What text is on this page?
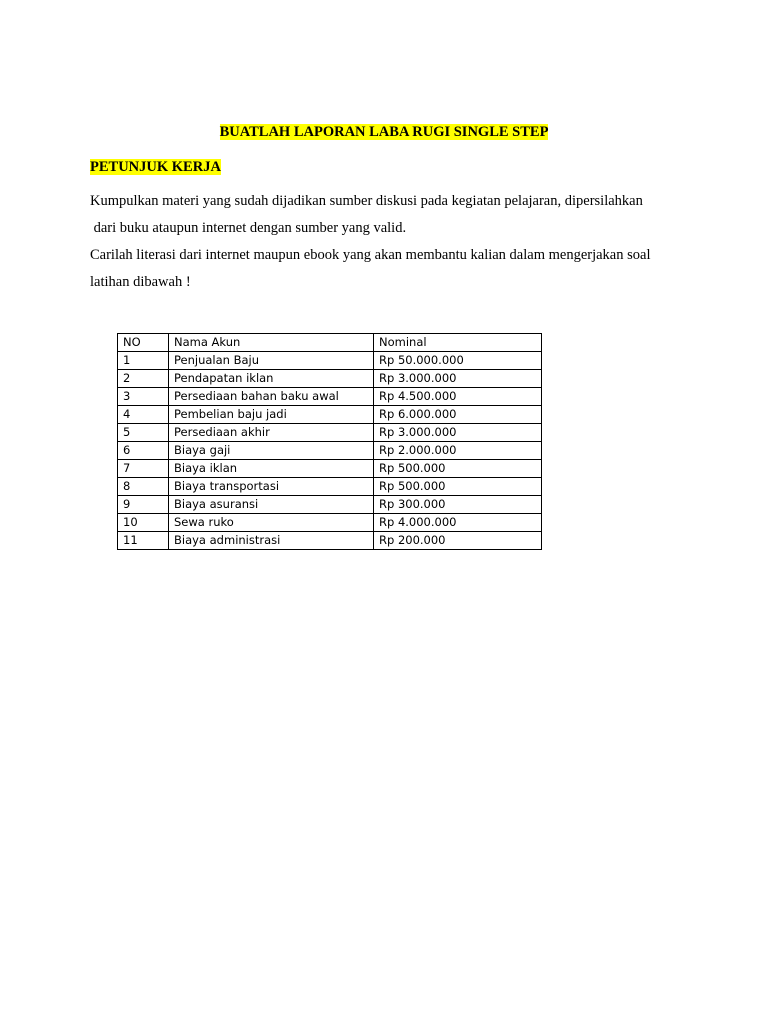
BUATLAH LAPORAN LABA RUGI SINGLE STEP
PETUNJUK KERJA
Kumpulkan materi yang sudah dijadikan sumber diskusi pada kegiatan pelajaran, dipersilahkan
dari buku ataupun internet dengan sumber yang valid.
Carilah literasi dari internet maupun ebook yang akan membantu kalian dalam mengerjakan soal
latihan dibawah !
NO	Nama Akun	Nominal
1	Penjualan Baju	Rp 50.000.000
2	Pendapatan iklan	Rp 3.000.000
3	Persediaan bahan baku awal	Rp 4.500.000
4	Pembelian baju jadi	Rp 6.000.000
5	Persediaan akhir	Rp 3.000.000
6	Biaya gaji	Rp 2.000.000
7	Biaya iklan	Rp 500.000
8	Biaya transportasi	Rp 500.000
9	Biaya asuransi	Rp 300.000
10	Sewa ruko	Rp 4.000.000
11	Biaya administrasi	Rp 200.000
